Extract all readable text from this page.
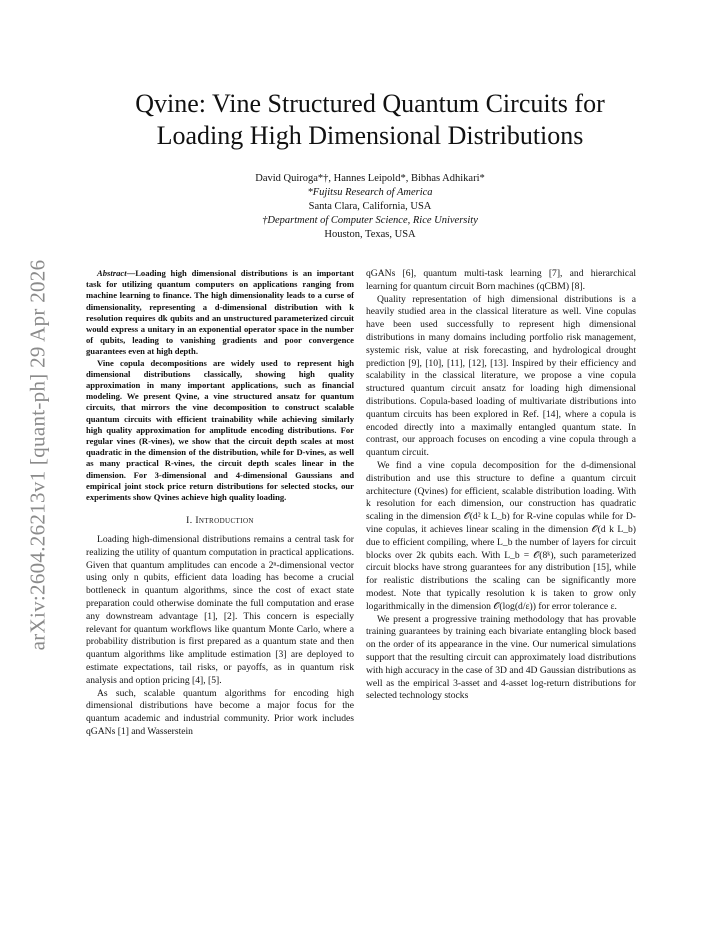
arXiv:2604.26213v1 [quant-ph] 29 Apr 2026
Qvine: Vine Structured Quantum Circuits for
Loading High Dimensional Distributions
David Quiroga*†, Hannes Leipold*, Bibhas Adhikari*
*Fujitsu Research of America
Santa Clara, California, USA
†Department of Computer Science, Rice University
Houston, Texas, USA

Abstract—Loading high dimensional distributions is an important task for utilizing quantum computers on applications ranging from machine learning to finance. The high dimensionality leads to a curse of dimensionality, representing a d-dimensional distribution with k resolution requires dk qubits and an unstructured parameterized circuit would express a unitary in an exponential operator space in the number of qubits, leading to vanishing gradients and poor convergence guarantees even at high depth.

Vine copula decompositions are widely used to represent high dimensional distributions classically, showing high quality approximation in many important applications, such as financial modeling. We present Qvine, a vine structured ansatz for quantum circuits, that mirrors the vine decomposition to construct scalable quantum circuits with efficient trainability while achieving similarly high quality approximation for amplitude encoding distributions. For regular vines (R-vines), we show that the circuit depth scales at most quadratic in the dimension of the distribution, while for D-vines, as well as many practical R-vines, the circuit depth scales linear in the dimension. For 3-dimensional and 4-dimensional Gaussians and empirical joint stock price return distributions for selected stocks, our experiments show Qvines achieve high quality loading.

I. Introduction

Loading high-dimensional distributions remains a central task for realizing the utility of quantum computation in practical applications. Given that quantum amplitudes can encode a 2ⁿ-dimensional vector using only n qubits, efficient data loading has become a crucial bottleneck in quantum algorithms, since the cost of exact state preparation could otherwise dominate the full computation and erase any downstream advantage [1], [2]. This concern is especially relevant for quantum workflows like quantum Monte Carlo, where a probability distribution is first prepared as a quantum state and then quantum algorithms like amplitude estimation [3] are deployed to estimate expectations, tail risks, or payoffs, as in quantum risk analysis and option pricing [4], [5].

As such, scalable quantum algorithms for encoding high dimensional distributions have become a major focus for the quantum academic and industrial community. Prior work includes qGANs [1] and Wasserstein

qGANs [6], quantum multi-task learning [7], and hierarchical learning for quantum circuit Born machines (qCBM) [8].

Quality representation of high dimensional distributions is a heavily studied area in the classical literature as well. Vine copulas have been used successfully to represent high dimensional distributions in many domains including portfolio risk management, systemic risk, value at risk forecasting, and hydrological drought prediction [9], [10], [11], [12], [13]. Inspired by their efficiency and scalability in the classical literature, we propose a vine copula structured quantum circuit ansatz for loading high dimensional distributions. Copula-based loading of multivariate distributions into quantum circuits has been explored in Ref. [14], where a copula is encoded directly into a maximally entangled quantum state. In contrast, our approach focuses on encoding a vine copula through a quantum circuit.

We find a vine copula decomposition for the d-dimensional distribution and use this structure to define a quantum circuit architecture (Qvines) for efficient, scalable distribution loading. With k resolution for each dimension, our construction has quadratic scaling in the dimension 𝒪(d² k L_b) for R-vine copulas while for D-vine copulas, it achieves linear scaling in the dimension 𝒪(d k L_b) due to efficient compiling, where L_b the number of layers for circuit blocks over 2k qubits each. With L_b = 𝒪(8ᵏ), such parameterized circuit blocks have strong guarantees for any distribution [15], while for realistic distributions the scaling can be significantly more modest. Note that typically resolution k is taken to grow only logarithmically in the dimension 𝒪(log(d/ε)) for error tolerance ε.

We present a progressive training methodology that has provable training guarantees by training each bivariate entangling block based on the order of its appearance in the vine. Our numerical simulations support that the resulting circuit can approximately load distributions with high accuracy in the case of 3D and 4D Gaussian distributions as well as the empirical 3-asset and 4-asset log-return distributions for selected technology stocks
